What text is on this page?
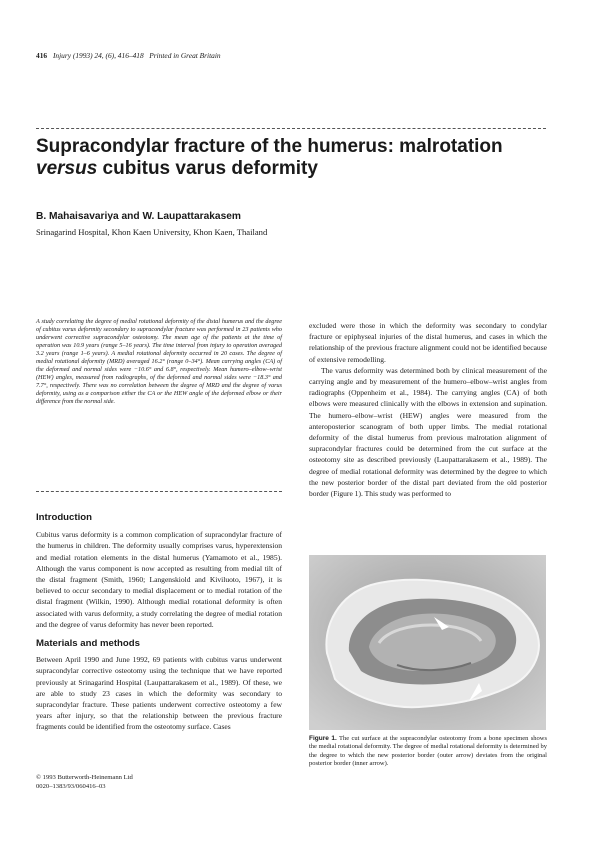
416 Injury (1993) 24, (6), 416–418 Printed in Great Britain
Supracondylar fracture of the humerus: malrotation
versus cubitus varus deformity
B. Mahaisavariya and W. Laupattarakasem
Srinagarind Hospital, Khon Kaen University, Khon Kaen, Thailand
A study correlating the degree of medial rotational deformity of the distal humerus and the degree of cubitus varus deformity secondary to supracondylar fracture was performed in 23 patients who underwent corrective supracondylar osteotomy. The mean age of the patients at the time of operation was 10.9 years (range 5–16 years). The time interval from injury to operation averaged 3.2 years (range 1–6 years). A medial rotational deformity occurred in 20 cases. The degree of medial rotational deformity (MRD) averaged 16.2° (range 0–34°). Mean carrying angles (CA) of the deformed and normal sides were −10.6° and 6.8°, respectively. Mean humero–elbow–wrist (HEW) angles, measured from radiographs, of the deformed and normal sides were −18.3° and 7.7°, respectively. There was no correlation between the degree of MRD and the degree of varus deformity, using as a comparison either the CA or the HEW angle of the deformed elbow or their difference from the normal side.
Introduction

Cubitus varus deformity is a common complication of supracondylar fracture of the humerus in children. The deformity usually comprises varus, hyperextension and medial rotation elements in the distal humerus (Yamamoto et al., 1985). Although the varus component is now accepted as resulting from medial tilt of the distal fragment (Smith, 1960; Langenskiold and Kiviluoto, 1967), it is believed to occur secondary to medial displacement or to medial rotation of the distal fragment (Wilkin, 1990). Although medial rotational deformity is often associated with varus deformity, a study correlating the degree of medial rotation and the degree of varus deformity has never been reported.

Materials and methods

Between April 1990 and June 1992, 69 patients with cubitus varus underwent supracondylar corrective osteotomy using the technique that we have reported previously at Srinagarind Hospital (Laupattarakasem et al., 1989). Of these, we are able to study 23 cases in which the deformity was secondary to supracondylar fracture. These patients underwent corrective osteotomy a few years after injury, so that the relationship between the previous fracture fragments could be identified from the osteotomy surface. Cases

excluded were those in which the deformity was secondary to condylar fracture or epiphyseal injuries of the distal humerus, and cases in which the relationship of the previous fracture alignment could not be identified because of extensive remodelling.

The varus deformity was determined both by clinical measurement of the carrying angle and by measurement of the humero–elbow–wrist angles from radiographs (Oppenheim et al., 1984). The carrying angles (CA) of both elbows were measured clinically with the elbows in extension and supination. The humero–elbow–wrist (HEW) angles were measured from the anteroposterior scanogram of both upper limbs. The medial rotational deformity of the distal humerus from previous malrotation alignment of supracondylar fractures could be determined from the cut surface at the osteotomy site as described previously (Laupattarakasem et al., 1989). The degree of medial rotational deformity was determined by the degree to which the new posterior border of the distal part deviated from the old posterior border (Figure 1). This study was performed to

Figure 1. The cut surface at the supracondylar osteotomy from a bone specimen shows the medial rotational deformity. The degree of medial rotational deformity is determined by the degree to which the new posterior border (outer arrow) deviates from the original posterior border (inner arrow).
© 1993 Butterworth-Heinemann Ltd
0020–1383/93/060416–03
